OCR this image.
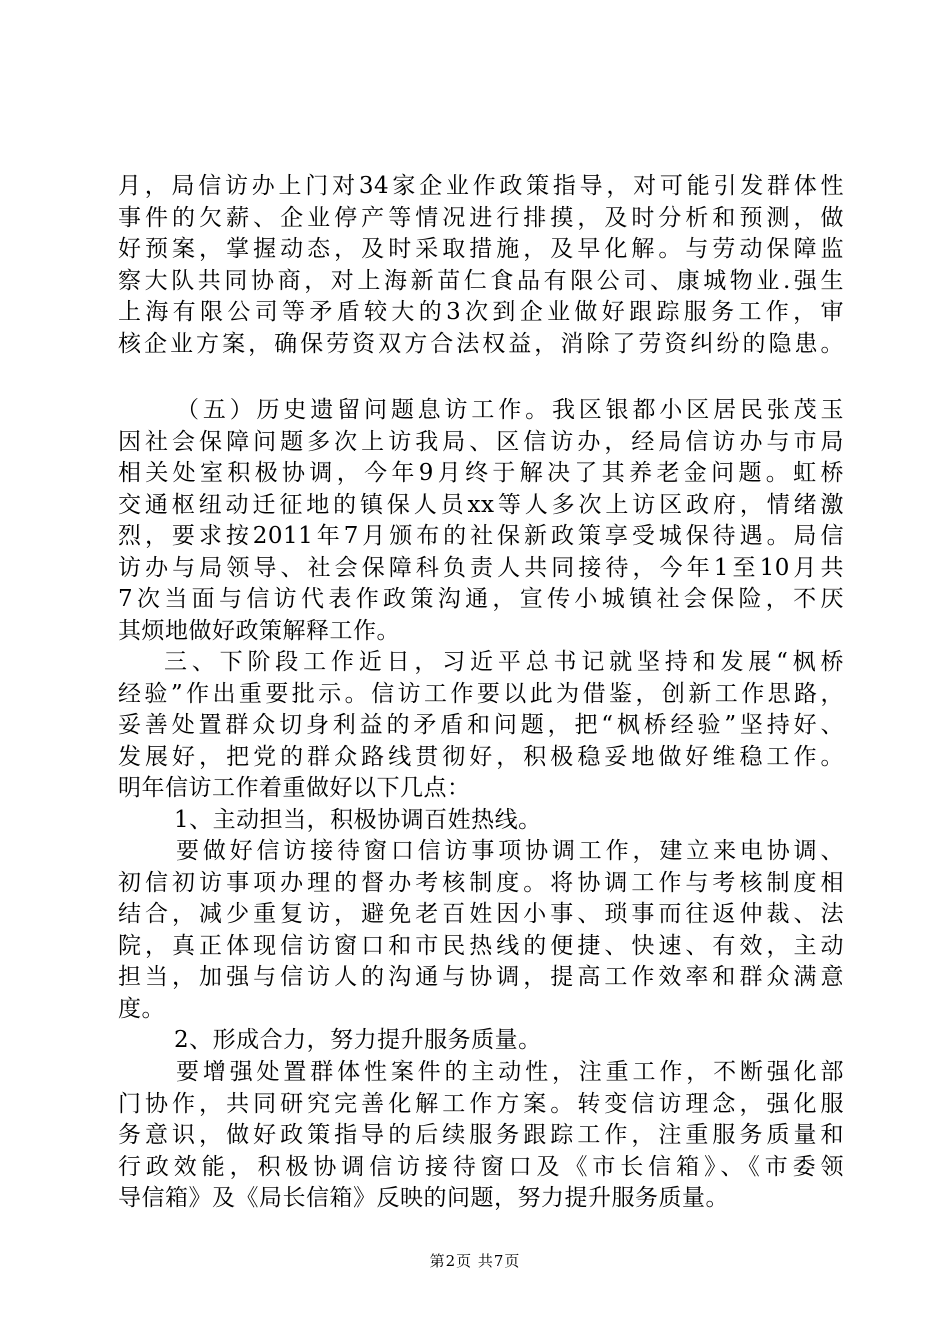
月，局信访办上门对34家企业作政策指导，对可能引发群体性
事件的欠薪、企业停产等情况进行排摸，及时分析和预测，做
好预案，掌握动态，及时采取措施，及早化解。与劳动保障监
察大队共同协商，对上海新苗仁食品有限公司、康城物业.强生
上海有限公司等矛盾较大的3次到企业做好跟踪服务工作，审
核企业方案，确保劳资双方合法权益，消除了劳资纠纷的隐患。
（五）历史遗留问题息访工作。我区银都小区居民张茂玉
因社会保障问题多次上访我局、区信访办，经局信访办与市局
相关处室积极协调，今年9月终于解决了其养老金问题。虹桥
交通枢纽动迁征地的镇保人员xx等人多次上访区政府，情绪激
烈，要求按2011年7月颁布的社保新政策享受城保待遇。局信
访办与局领导、社会保障科负责人共同接待，今年1至10月共
7次当面与信访代表作政策沟通，宣传小城镇社会保险，不厌
其烦地做好政策解释工作。
三、下阶段工作近日，习近平总书记就坚持和发展“枫桥
经验”作出重要批示。信访工作要以此为借鉴，创新工作思路，
妥善处置群众切身利益的矛盾和问题，把“枫桥经验”坚持好、
发展好，把党的群众路线贯彻好，积极稳妥地做好维稳工作。
明年信访工作着重做好以下几点：
1、主动担当，积极协调百姓热线。
要做好信访接待窗口信访事项协调工作，建立来电协调、
初信初访事项办理的督办考核制度。将协调工作与考核制度相
结合，减少重复访，避免老百姓因小事、琐事而往返仲裁、法
院，真正体现信访窗口和市民热线的便捷、快速、有效，主动
担当，加强与信访人的沟通与协调，提高工作效率和群众满意
度。
2、形成合力，努力提升服务质量。
要增强处置群体性案件的主动性，注重工作，不断强化部
门协作，共同研究完善化解工作方案。转变信访理念，强化服
务意识，做好政策指导的后续服务跟踪工作，注重服务质量和
行政效能，积极协调信访接待窗口及《市长信箱》、《市委领
导信箱》及《局长信箱》反映的问题，努力提升服务质量。
第2页 共7页
